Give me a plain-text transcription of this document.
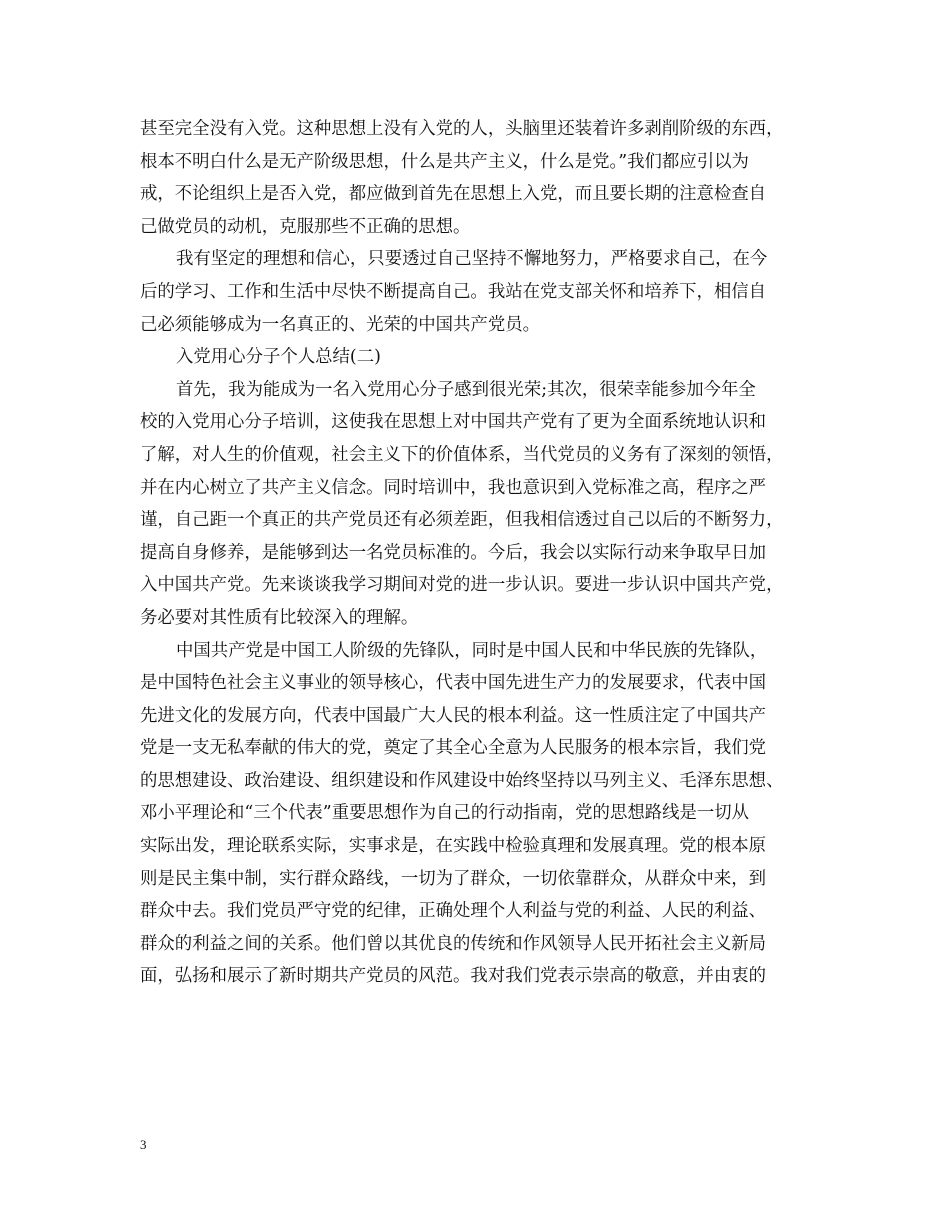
甚至完全没有入党。这种思想上没有入党的人，头脑里还装着许多剥削阶级的东西，
根本不明白什么是无产阶级思想，什么是共产主义，什么是党。”我们都应引以为
戒，不论组织上是否入党，都应做到首先在思想上入党，而且要长期的注意检查自
己做党员的动机，克服那些不正确的思想。
我有坚定的理想和信心，只要透过自己坚持不懈地努力，严格要求自己，在今
后的学习、工作和生活中尽快不断提高自己。我站在党支部关怀和培养下，相信自
己必须能够成为一名真正的、光荣的中国共产党员。
入党用心分子个人总结(二)
首先，我为能成为一名入党用心分子感到很光荣;其次，很荣幸能参加今年全
校的入党用心分子培训，这使我在思想上对中国共产党有了更为全面系统地认识和
了解，对人生的价值观，社会主义下的价值体系，当代党员的义务有了深刻的领悟，
并在内心树立了共产主义信念。同时培训中，我也意识到入党标准之高，程序之严
谨，自己距一个真正的共产党员还有必须差距，但我相信透过自己以后的不断努力，
提高自身修养，是能够到达一名党员标准的。今后，我会以实际行动来争取早日加
入中国共产党。先来谈谈我学习期间对党的进一步认识。要进一步认识中国共产党，
务必要对其性质有比较深入的理解。
中国共产党是中国工人阶级的先锋队，同时是中国人民和中华民族的先锋队，
是中国特色社会主义事业的领导核心，代表中国先进生产力的发展要求，代表中国
先进文化的发展方向，代表中国最广大人民的根本利益。这一性质注定了中国共产
党是一支无私奉献的伟大的党，奠定了其全心全意为人民服务的根本宗旨，我们党
的思想建设、政治建设、组织建设和作风建设中始终坚持以马列主义、毛泽东思想、
邓小平理论和“三个代表”重要思想作为自己的行动指南，党的思想路线是一切从
实际出发，理论联系实际，实事求是，在实践中检验真理和发展真理。党的根本原
则是民主集中制，实行群众路线，一切为了群众，一切依靠群众，从群众中来，到
群众中去。我们党员严守党的纪律，正确处理个人利益与党的利益、人民的利益、
群众的利益之间的关系。他们曾以其优良的传统和作风领导人民开拓社会主义新局
面，弘扬和展示了新时期共产党员的风范。我对我们党表示崇高的敬意，并由衷的
3
